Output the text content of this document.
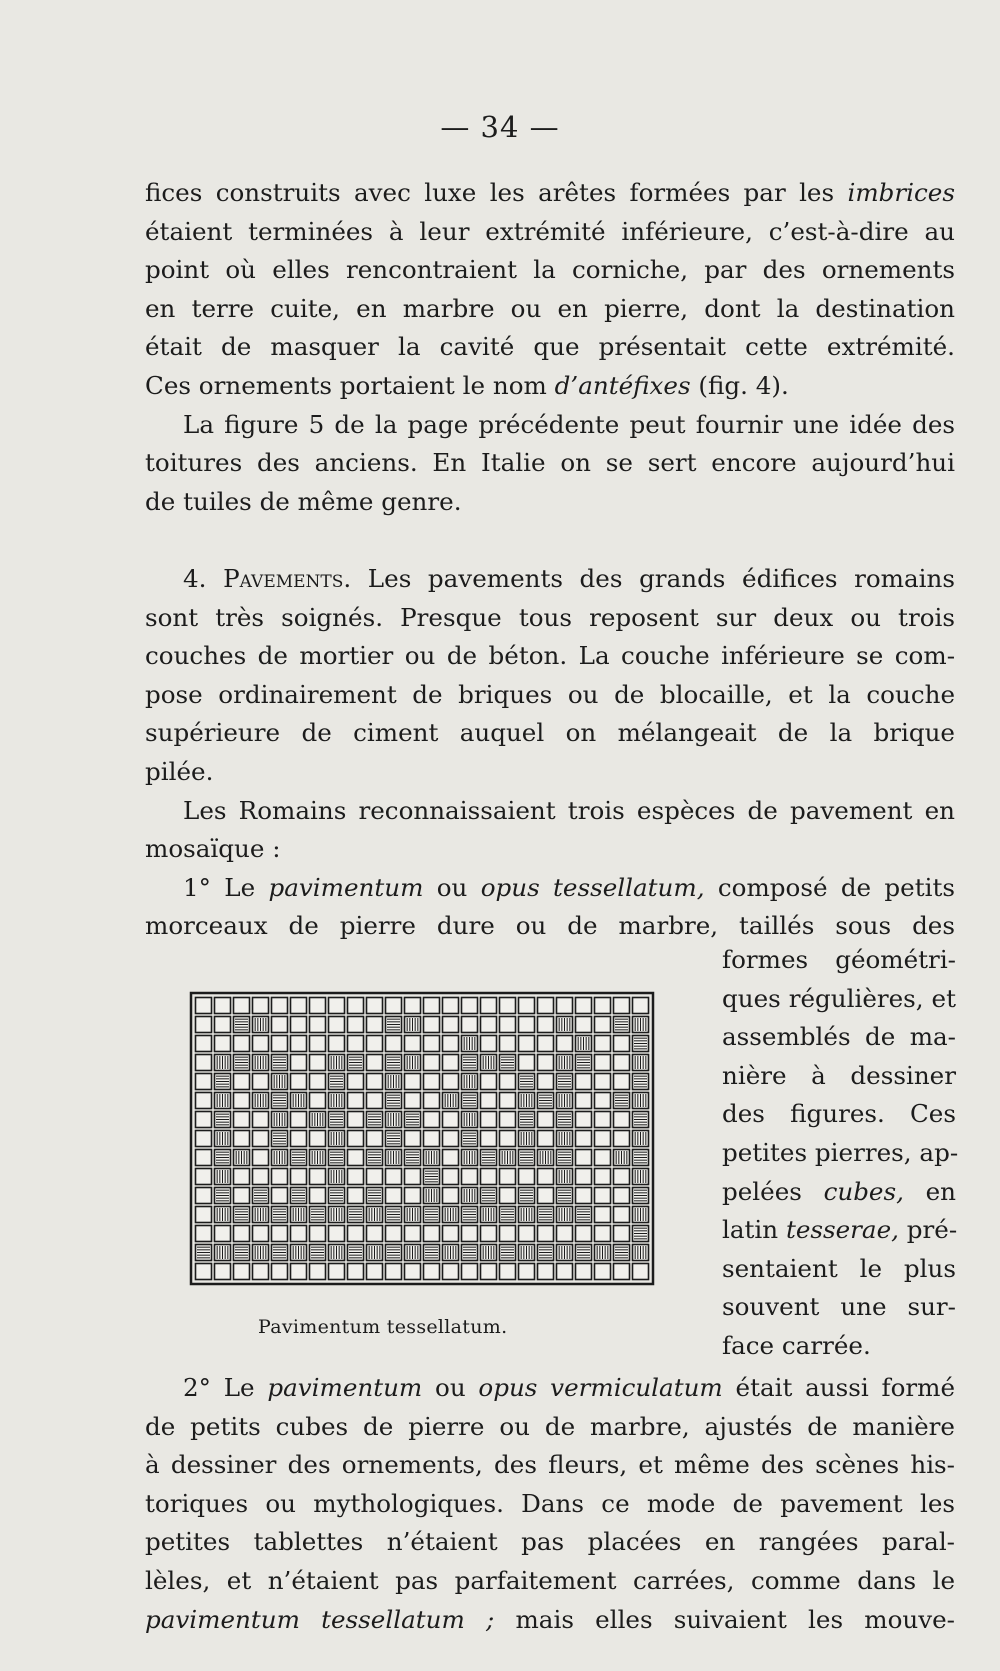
— 34 —
fices construits avec luxe les arêtes formées par les imbrices
étaient terminées à leur extrémité inférieure, c’est-à-dire au
point où elles rencontraient la corniche, par des ornements
en terre cuite, en marbre ou en pierre, dont la destination
était de masquer la cavité que présentait cette extrémité.
Ces ornements portaient le nom d’antéfixes (fig. 4).
La figure 5 de la page précédente peut fournir une idée des
toitures des anciens. En Italie on se sert encore aujourd’hui
de tuiles de même genre.
4. Pavements. Les pavements des grands édifices romains
sont très soignés. Presque tous reposent sur deux ou trois
couches de mortier ou de béton. La couche inférieure se com-
pose ordinairement de briques ou de blocaille, et la couche
supérieure de ciment auquel on mélangeait de la brique
pilée.
Les Romains reconnaissaient trois espèces de pavement en
mosaïque :
1° Le pavimentum ou opus tessellatum, composé de petits
morceaux de pierre dure ou de marbre, taillés sous des
Pavimentum tessellatum.
formes géométri-
ques régulières, et
assemblés de ma-
nière à dessiner
des figures. Ces
petites pierres, ap-
pelées cubes, en
latin tesserae, pré-
sentaient le plus
souvent une sur-
face carrée.
2° Le pavimentum ou opus vermiculatum était aussi formé
de petits cubes de pierre ou de marbre, ajustés de manière
à dessiner des ornements, des fleurs, et même des scènes his-
toriques ou mythologiques. Dans ce mode de pavement les
petites tablettes n’étaient pas placées en rangées paral-
lèles, et n’étaient pas parfaitement carrées, comme dans le
pavimentum tessellatum ; mais elles suivaient les mouve-
